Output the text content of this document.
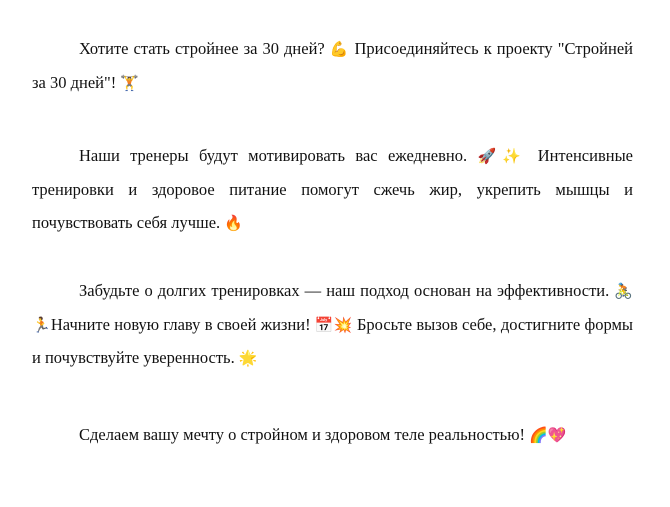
Хотите стать стройнее за 30 дней? 💪 Присоединяйтесь к проекту "Стройней за 30 дней"! 🏋

Наши тренеры будут мотивировать вас ежедневно. 🚀✨ Интенсивные тренировки и здоровое питание помогут сжечь жир, укрепить мышцы и почувствовать себя лучше. 🔥

Забудьте о долгих тренировках — наш подход основан на эффективности. 🚴🏃Начните новую главу в своей жизни! 📅💥 Бросьте вызов себе, достигните формы и почувствуйте уверенность. 🌟

Сделаем вашу мечту о стройном и здоровом теле реальностью! 🌈💖
